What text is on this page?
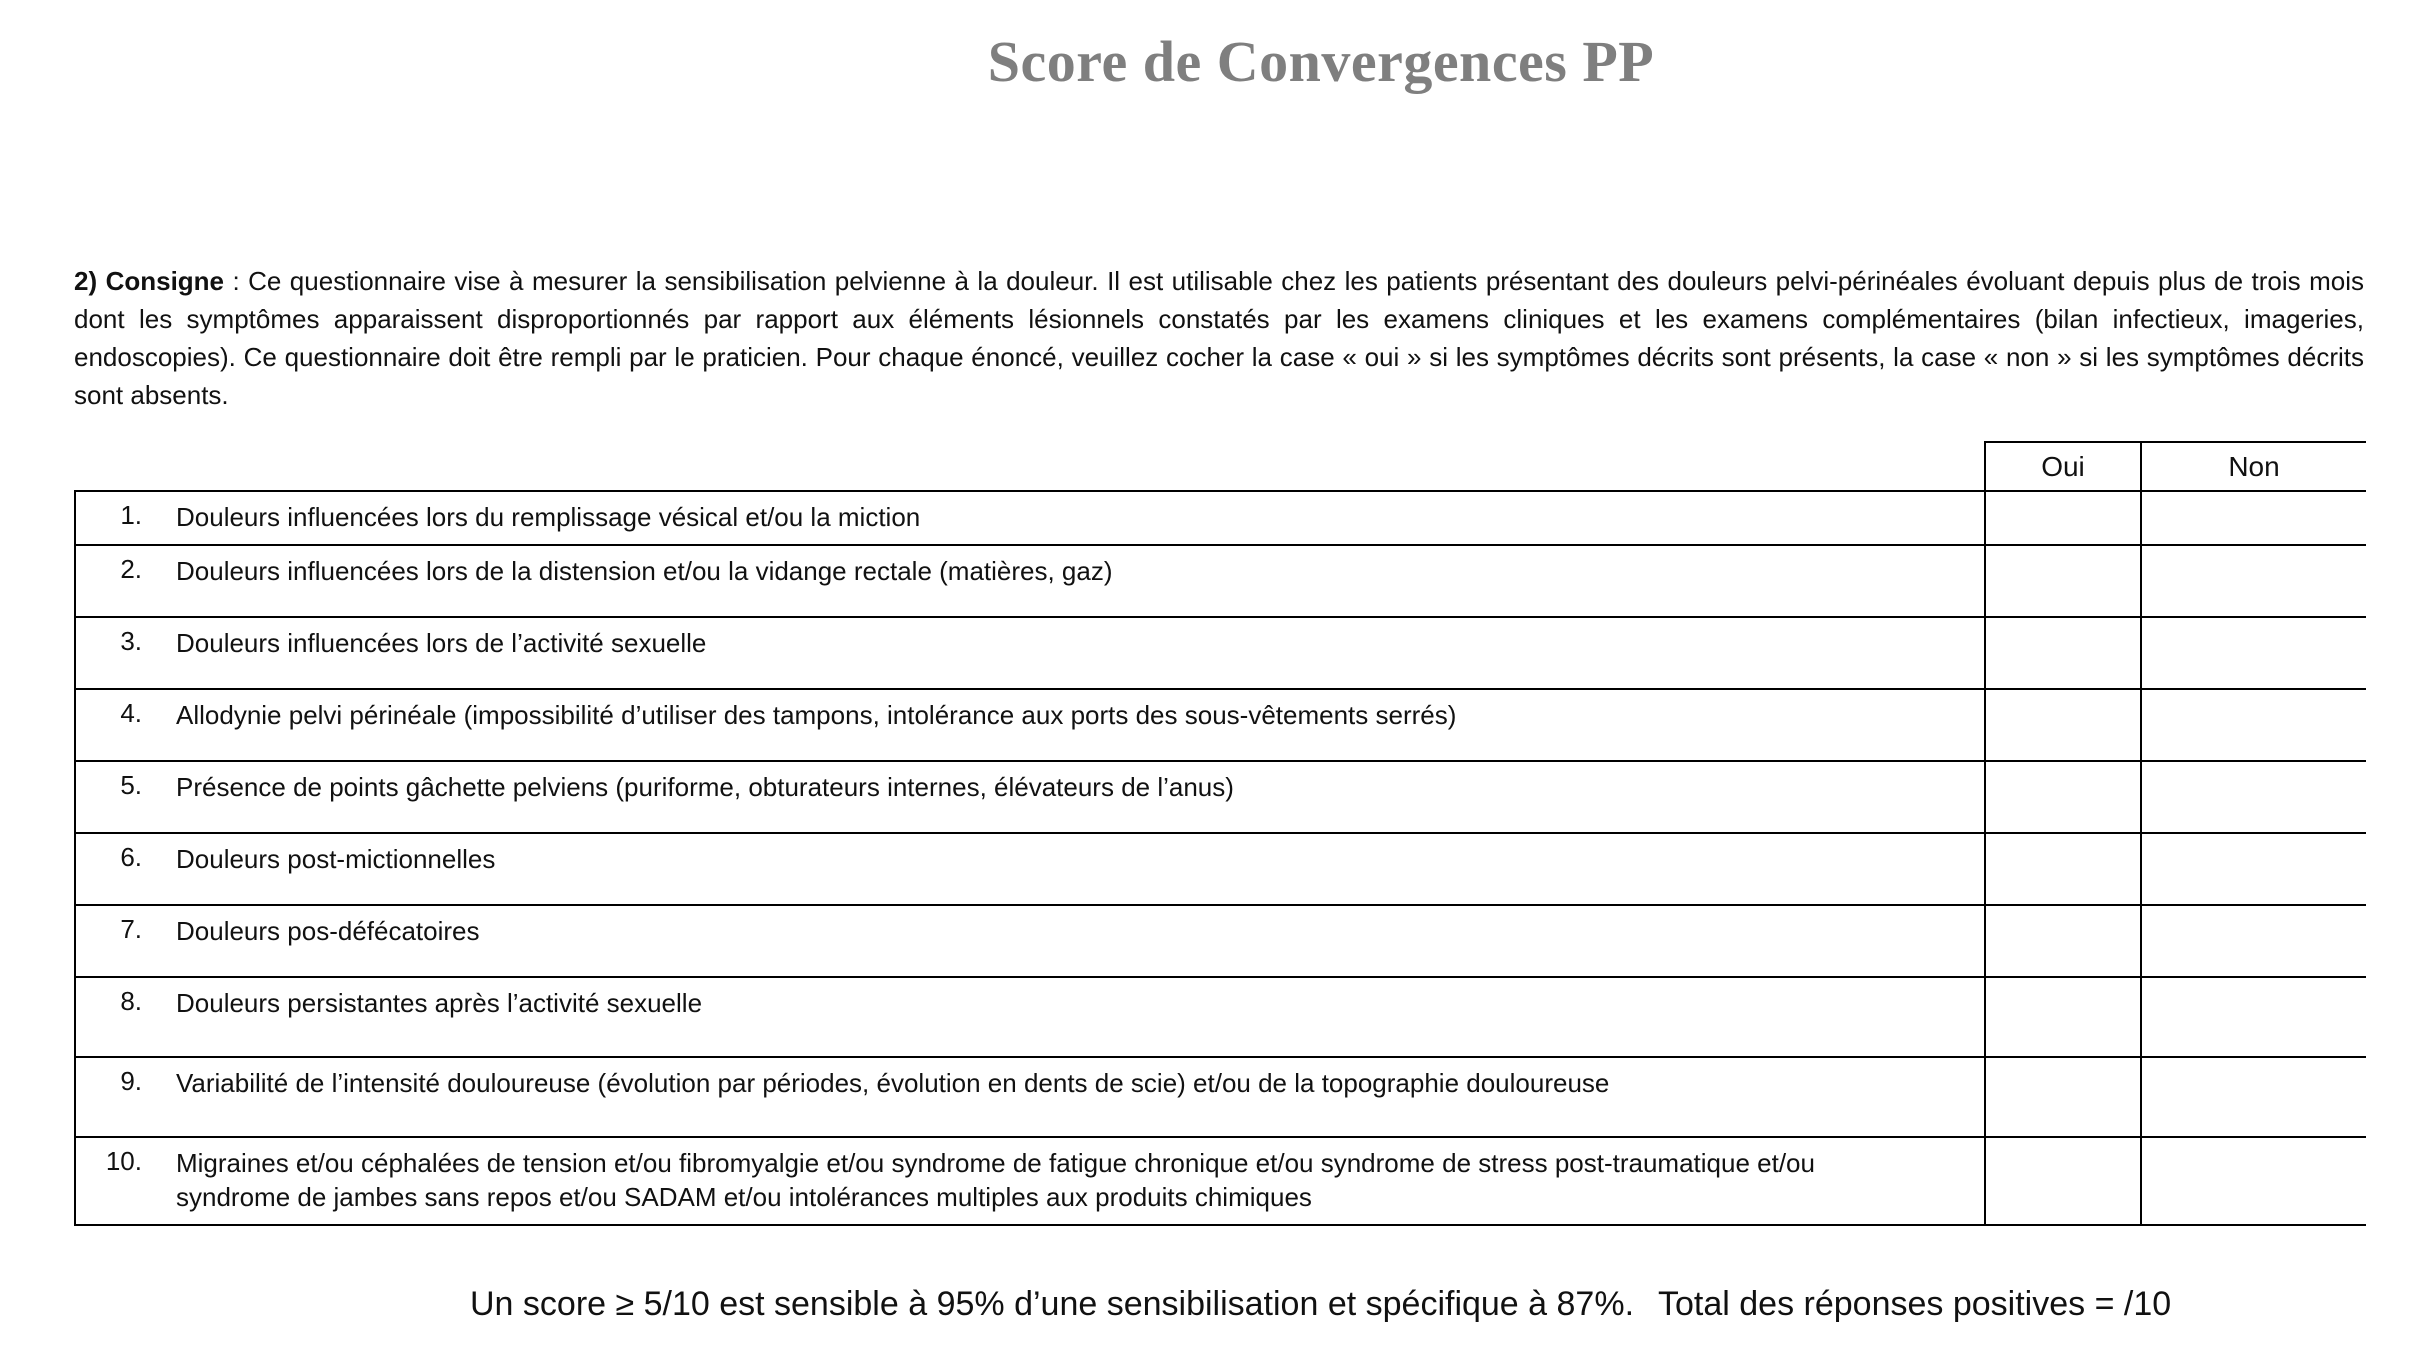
Score de Convergences PP
2) Consigne : Ce questionnaire vise à mesurer la sensibilisation pelvienne à la douleur. Il est utilisable chez les patients présentant des douleurs pelvi-périnéales évoluant depuis plus de trois mois dont les symptômes apparaissent disproportionnés par rapport aux éléments lésionnels constatés par les examens cliniques et les examens complémentaires (bilan infectieux, imageries, endoscopies). Ce questionnaire doit être rempli par le praticien. Pour chaque énoncé, veuillez cocher la case « oui » si les symptômes décrits sont présents, la case « non » si les symptômes décrits sont absents.
	Oui	Non
1. Douleurs influencées lors du remplissage vésical et/ou la miction		
2. Douleurs influencées lors de la distension et/ou la vidange rectale (matières, gaz)		
3. Douleurs influencées lors de l’activité sexuelle		
4. Allodynie pelvi périnéale (impossibilité d’utiliser des tampons, intolérance aux ports des sous-vêtements serrés)		
5. Présence de points gâchette pelviens (puriforme, obturateurs internes, élévateurs de l’anus)		
6. Douleurs post-mictionnelles		
7. Douleurs pos-défécatoires		
8. Douleurs persistantes après l’activité sexuelle		
9. Variabilité de l’intensité douloureuse (évolution par périodes, évolution en dents de scie) et/ou de la topographie douloureuse		
10. Migraines et/ou céphalées de tension et/ou fibromyalgie et/ou syndrome de fatigue chronique et/ou syndrome de stress post-traumatique et/ou syndrome de jambes sans repos et/ou SADAM et/ou intolérances multiples aux produits chimiques		
Un score ≥ 5/10 est sensible à 95% d’une sensibilisation et spécifique à 87%. Total des réponses positives = /10
